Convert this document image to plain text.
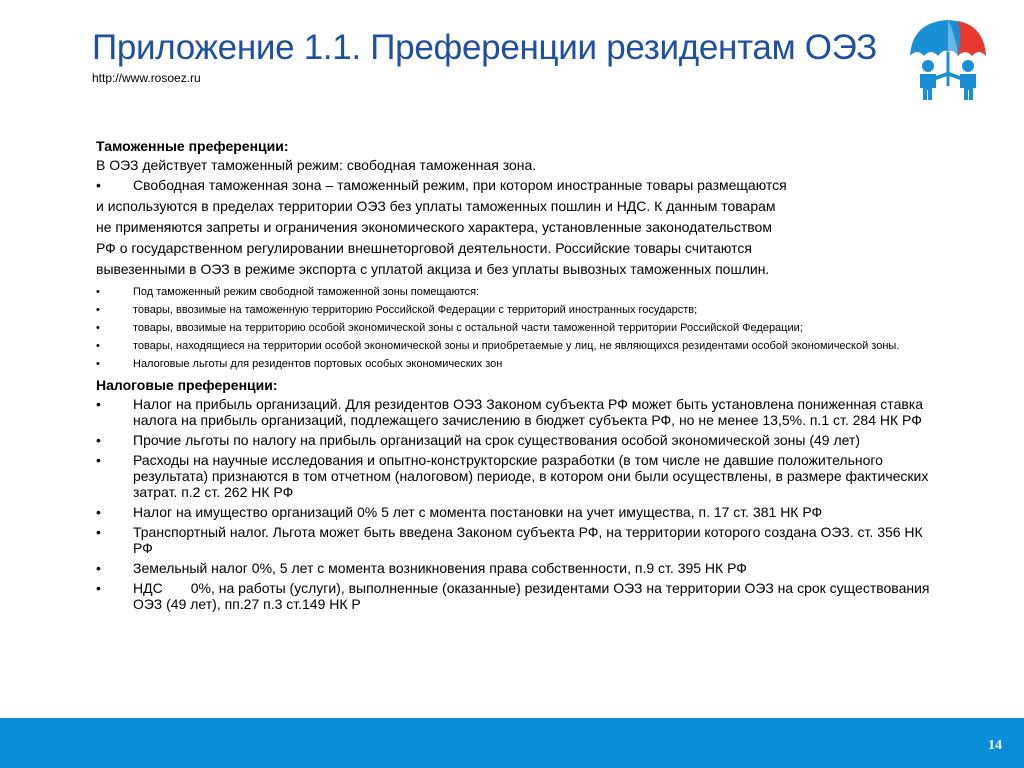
Приложение 1.1. Преференции резидентам ОЭЗ
http://www.rosoez.ru
Таможенные преференции:
В ОЭЗ действует таможенный режим: свободная таможенная зона.
• Свободная таможенная зона – таможенный режим, при котором иностранные товары размещаются
и используются в пределах территории ОЭЗ без уплаты таможенных пошлин и НДС. К данным товарам
не применяются запреты и ограничения экономического характера, установленные законодательством
РФ о государственном регулировании внешнеторговой деятельности. Российские товары считаются
вывезенными в ОЭЗ в режиме экспорта с уплатой акциза и без уплаты вывозных таможенных пошлин.
•	Под таможенный режим свободной таможенной зоны помещаются:
•	товары, ввозимые на таможенную территорию Российской Федерации с территорий иностранных государств;
•	товары, ввозимые на территорию особой экономической зоны с остальной части таможенной территории Российской Федерации;
•	товары, находящиеся на территории особой экономической зоны и приобретаемые у лиц, не являющихся резидентами особой экономической зоны.
•	Налоговые льготы для резидентов портовых особых экономических зон
Налоговые преференции:
• Налог на прибыль организаций. Для резидентов ОЭЗ Законом субъекта РФ может быть установлена пониженная ставка налога на прибыль организаций, подлежащего зачислению в бюджет субъекта РФ, но не менее 13,5%. п.1 ст. 284 НК РФ
• Прочие льготы по налогу на прибыль организаций на срок существования особой экономической зоны (49 лет)
• Расходы на научные исследования и опытно-конструкторские разработки (в том числе не давшие положительного результата) признаются в том отчетном (налоговом) периоде, в котором они были осуществлены, в размере фактических затрат. п.2 ст. 262 НК РФ
• Налог на имущество организаций 0% 5 лет с момента постановки на учет имущества, п. 17 ст. 381 НК РФ
• Транспортный налог. Льгота может быть введена Законом субъекта РФ, на территории которого создана ОЭЗ. ст. 356 НК РФ
• Земельный налог 0%, 5 лет с момента возникновения права собственности, п.9 ст. 395 НК РФ
• НДС 0%, на работы (услуги), выполненные (оказанные) резидентами ОЭЗ на территории ОЭЗ на срок существования ОЭЗ (49 лет), пп.27 п.3 ст.149 НК Р
14
